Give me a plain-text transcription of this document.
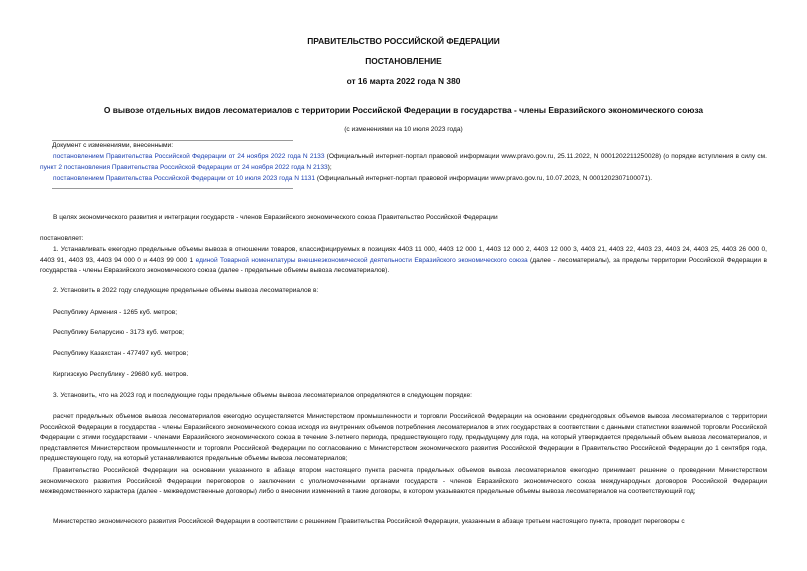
ПРАВИТЕЛЬСТВО РОССИЙСКОЙ ФЕДЕРАЦИИ
ПОСТАНОВЛЕНИЕ
от 16 марта 2022 года N 380
О вывозе отдельных видов лесоматериалов с территории Российской Федерации в государства - члены Евразийского экономического союза
(с изменениями на 10 июля 2023 года)
Документ с изменениями, внесенными:

постановлением Правительства Российской Федерации от 24 ноября 2022 года N 2133 (Официальный интернет-портал правовой информации www.pravo.gov.ru, 25.11.2022, N 0001202211250028) (о порядке вступления в силу см. пункт 2 постановления Правительства Российской Федерации от 24 ноября 2022 года N 2133);

постановлением Правительства Российской Федерации от 10 июля 2023 года N 1131 (Официальный интернет-портал правовой информации www.pravo.gov.ru, 10.07.2023, N 0001202307100071).

В целях экономического развития и интеграции государств - членов Евразийского экономического союза Правительство Российской Федерации

постановляет:

1. Устанавливать ежегодно предельные объемы вывоза в отношении товаров, классифицируемых в позициях 4403 11 000, 4403 12 000 1, 4403 12 000 2, 4403 12 000 3, 4403 21, 4403 22, 4403 23, 4403 24, 4403 25, 4403 26 000 0, 4403 91, 4403 93, 4403 94 000 0 и 4403 99 000 1 единой Товарной номенклатуры внешнеэкономической деятельности Евразийского экономического союза (далее - лесоматериалы), за пределы территории Российской Федерации в государства - члены Евразийского экономического союза (далее - предельные объемы вывоза лесоматериалов).

2. Установить в 2022 году следующие предельные объемы вывоза лесоматериалов в:

Республику Армения - 1265 куб. метров;

Республику Беларусию - 3173 куб. метров;

Республику Казахстан - 477497 куб. метров;

Киргизскую Республику - 29680 куб. метров.

3. Установить, что на 2023 год и последующие годы предельные объемы вывоза лесоматериалов определяются в следующем порядке:

расчет предельных объемов вывоза лесоматериалов ежегодно осуществляется Министерством промышленности и торговли Российской Федерации на основании среднегодовых объемов вывоза лесоматериалов с территории Российской Федерации в государства - члены Евразийского экономического союза исходя из внутренних объемов потребления лесоматериалов в этих государствах в соответствии с данными статистики взаимной торговли Российской Федерации с этими государствами - членами Евразийского экономического союза в течение 3-летнего периода, предшествующего году, предыдущему для года, на который утверждается предельный объем вывоза лесоматериалов, и представляется Министерством промышленности и торговли Российской Федерации по согласованию с Министерством экономического развития Российской Федерации в Правительство Российской Федерации до 1 сентября года, предшествующего году, на который устанавливаются предельные объемы вывоза лесоматериалов;

Правительство Российской Федерации на основании указанного в абзаце втором настоящего пункта расчета предельных объемов вывоза лесоматериалов ежегодно принимает решение о проведении Министерством экономического развития Российской Федерации переговоров о заключении с уполномоченными органами государств - членов Евразийского экономического союза международных договоров Российской Федерации межведомственного характера (далее - межведомственные договоры) либо о внесении изменений в такие договоры, в котором указываются предельные объемы вывоза лесоматериалов на соответствующий год;

Министерство экономического развития Российской Федерации в соответствии с решением Правительства Российской Федерации, указанным в абзаце третьем настоящего пункта, проводит переговоры с
